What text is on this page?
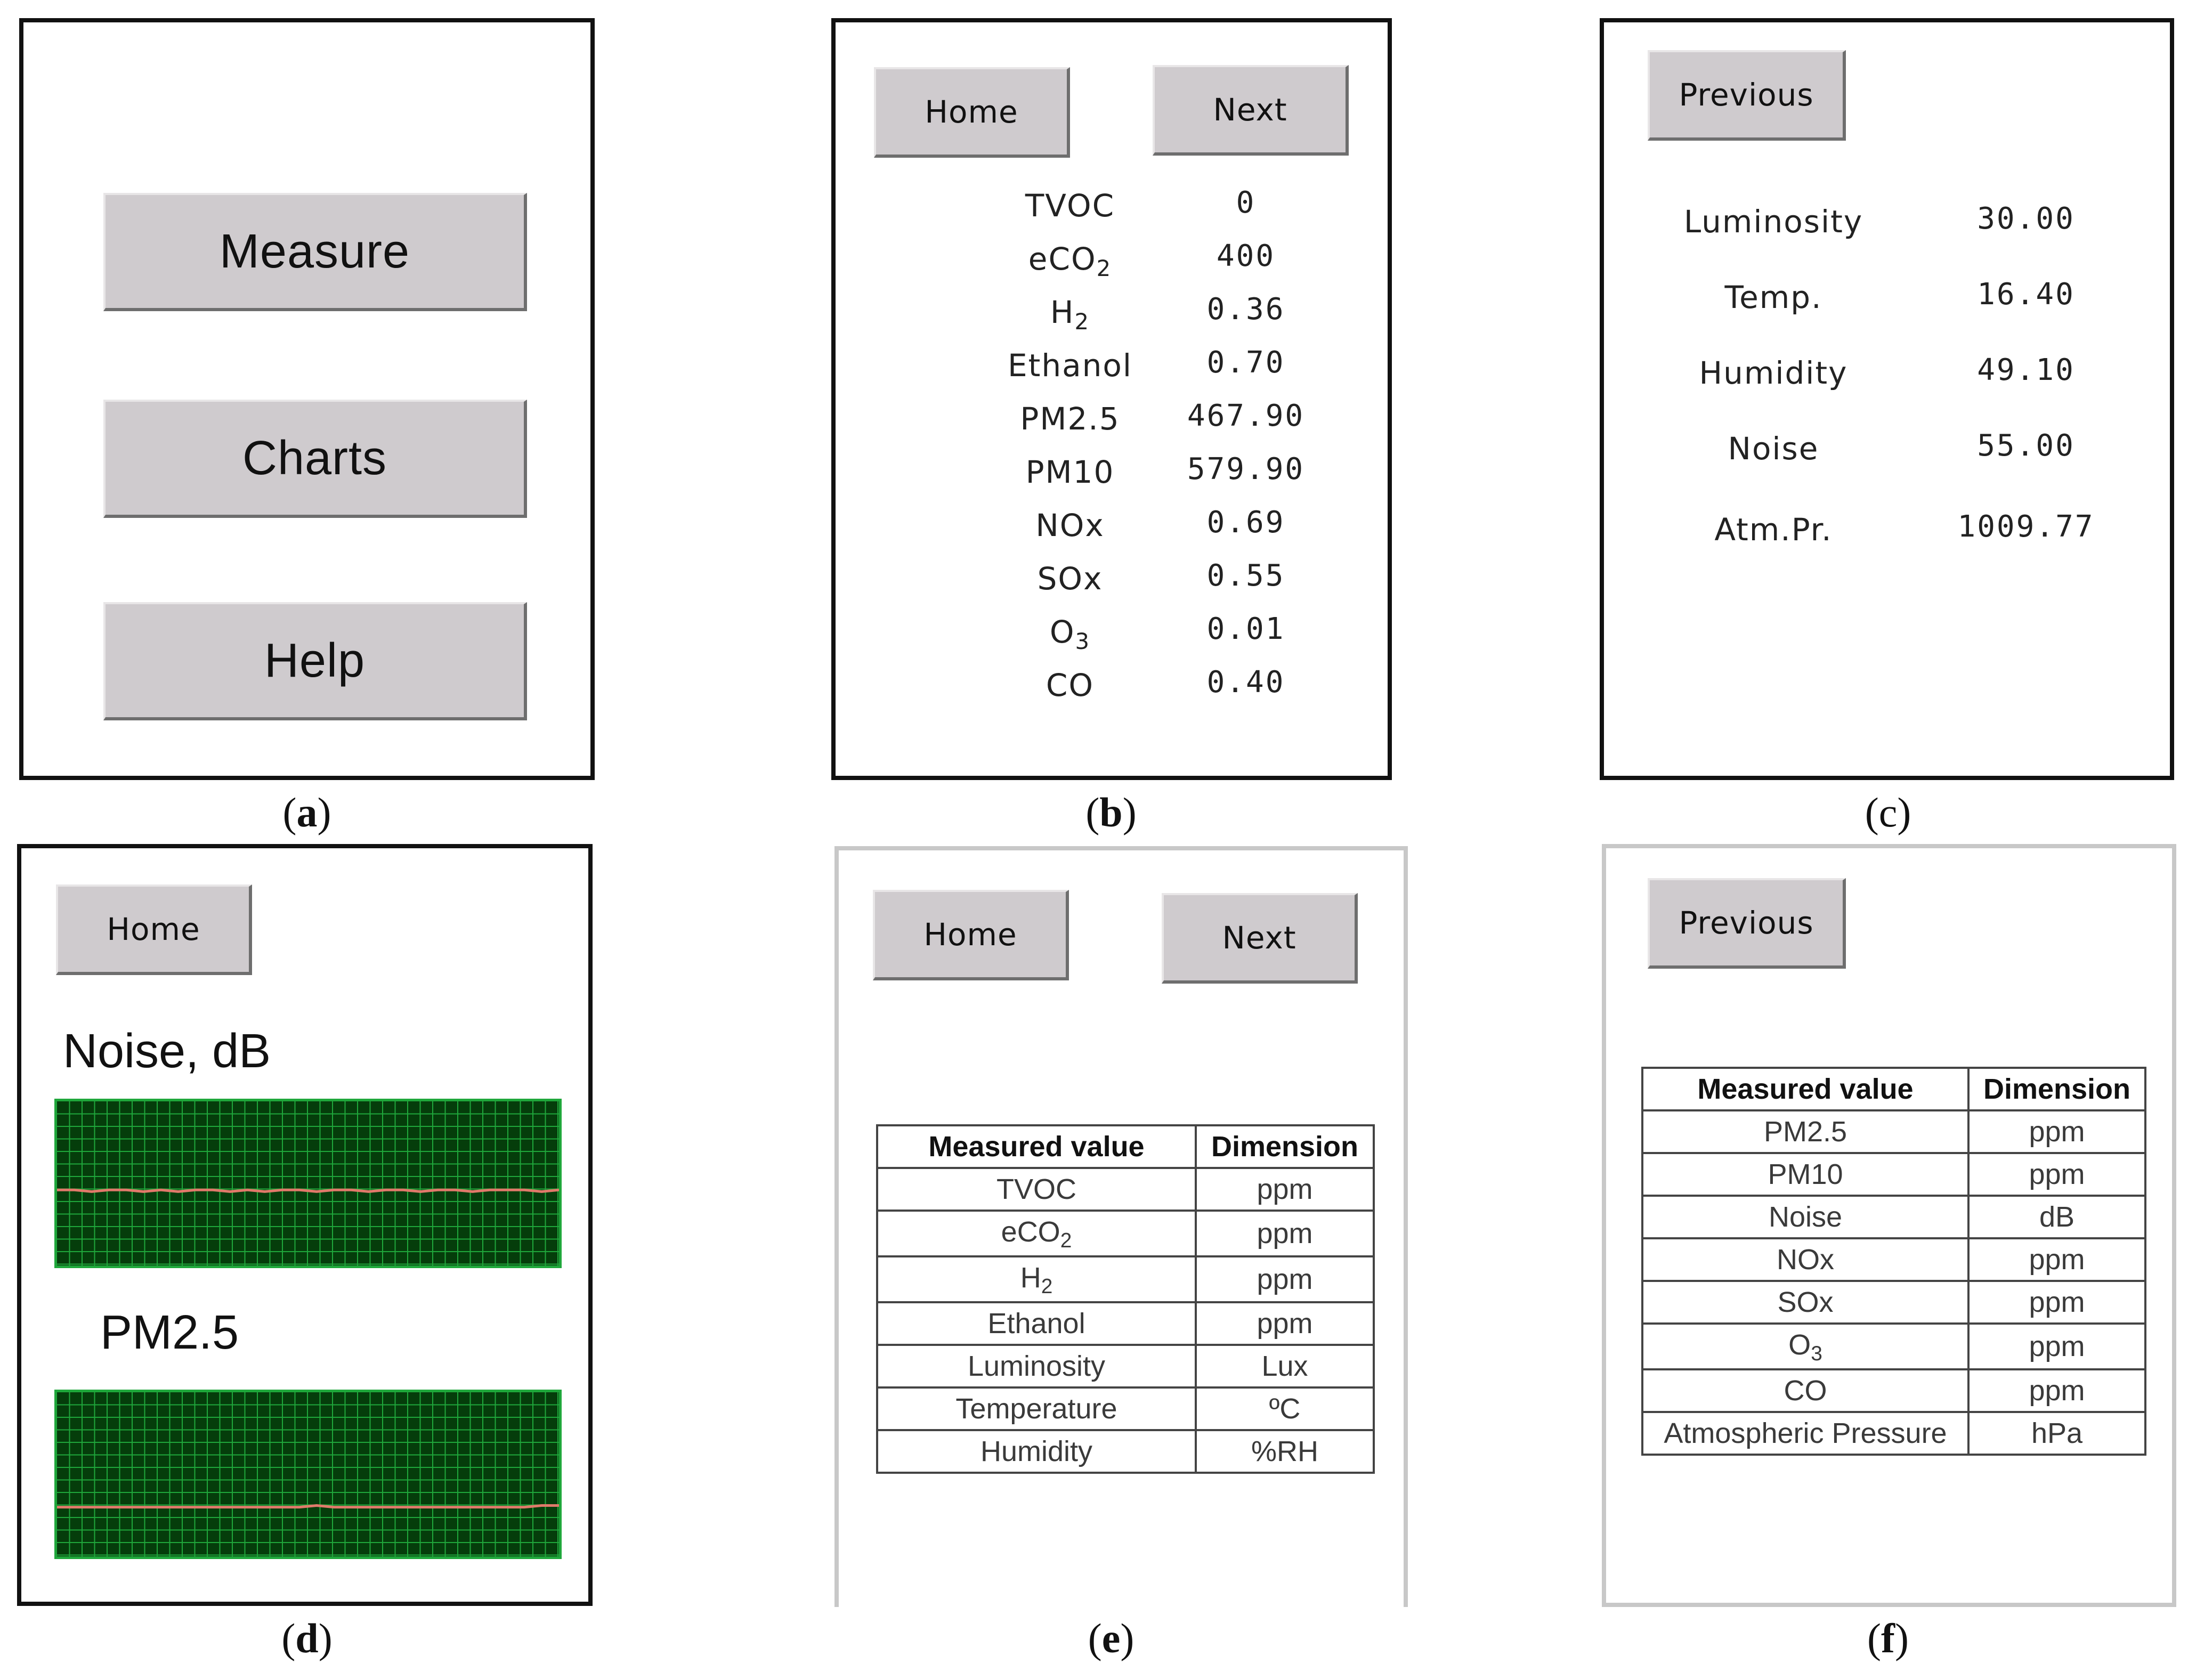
Measure
Charts
Help
(a)
Home	Next
TVOC	0
eCO$_2$	400
$H_2$	0.36
Ethanol 0.70
PM2.5 467.90
PM10 579.90
NOx	0.69
SOx	0.55
$O_3$	0.01
CO	0.40
(b)
Previous
Luminosity	30.00
Temp.	16.40
Humidity	49.10
Noise	55.00
Atm.Pr.	1009.77
(c)
Home
Noise, dB
PM2.5
(d)
Home	Next
Measured value	Dimension
TVOC	ppm
eCO$_2$	ppm
$H_2$	ppm
Ethanol	ppm
Luminosity	Lux
Temperature	ºC
Humidity	%RH
(e)
Previous
Measured value	Dimension
PM2.5	ppm
PM10	ppm
Noise	dB
NOx	ppm
SOx	ppm
$O_3$	ppm
CO	ppm
Atmospheric Pressure	hPa
(f)
